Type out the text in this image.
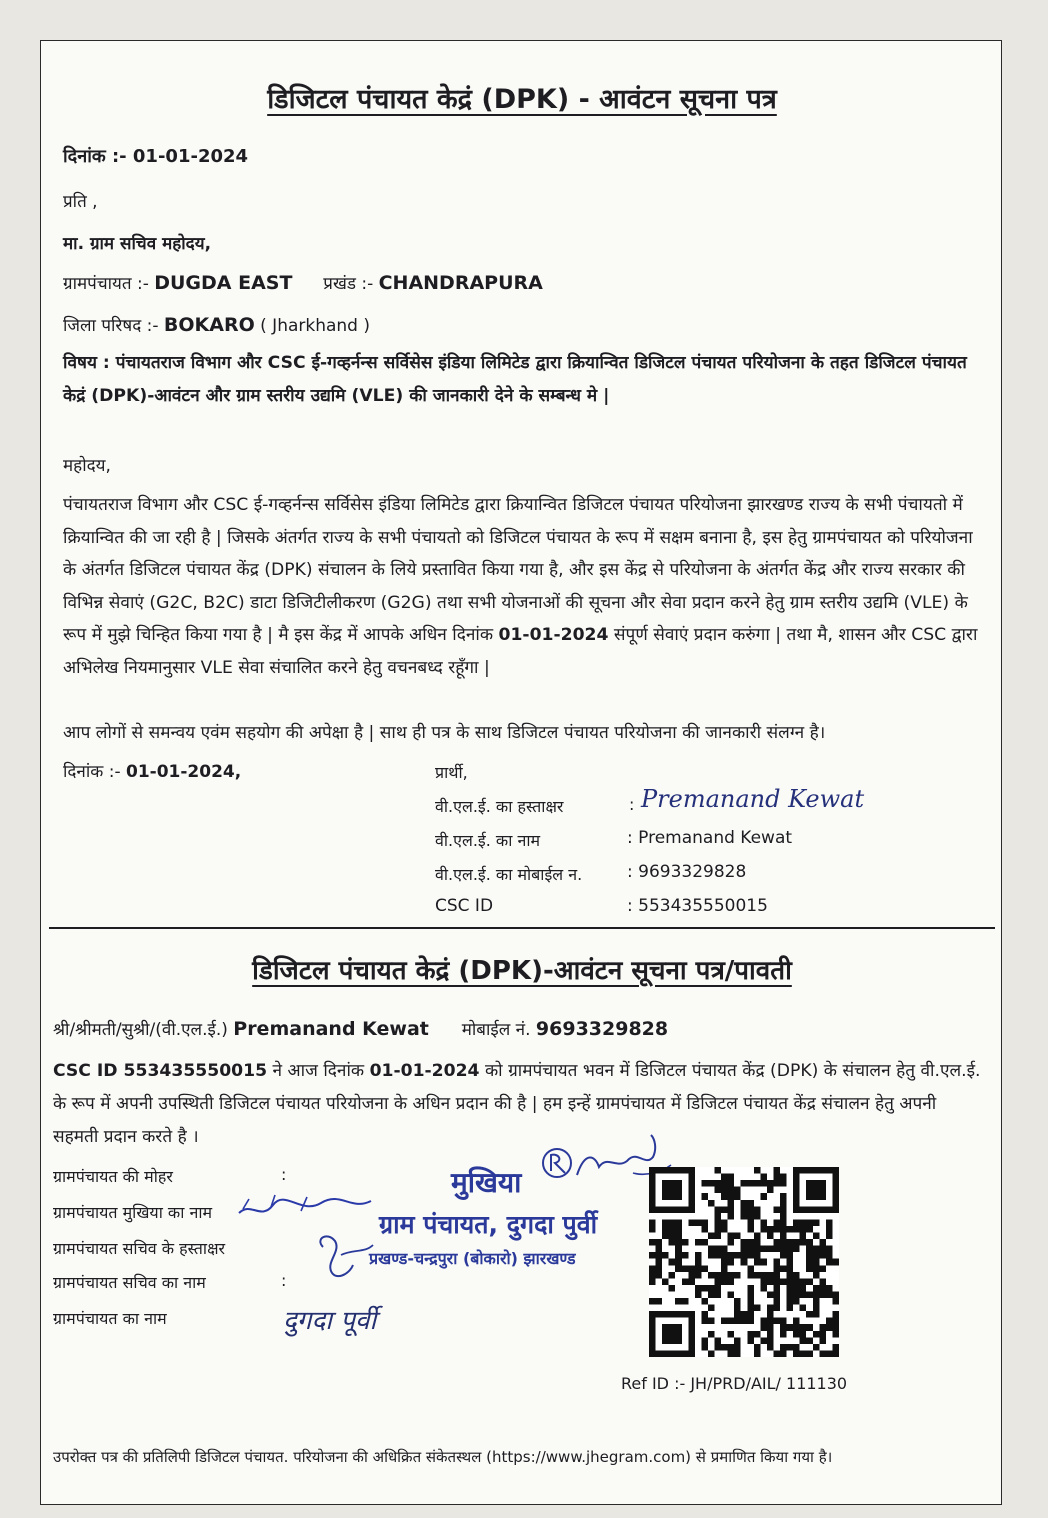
डिजिटल पंचायत केद्रं (DPK) - आवंटन सूचना पत्र
दिनांक :- 01-01-2024
प्रति ,
मा. ग्राम सचिव महोदय,
ग्रामपंचायत :- DUGDA EAST प्रखंड :- CHANDRAPURA
जिला परिषद :- BOKARO ( Jharkhand )
विषय : पंचायतराज विभाग और CSC ई-गव्हर्नन्स सर्विसेस इंडिया लिमिटेड द्वारा क्रियान्वित डिजिटल पंचायत परियोजना के तहत डिजिटल पंचायत केद्रं (DPK)-आवंटन और ग्राम स्तरीय उद्यमि (VLE) की जानकारी देने के सम्बन्ध मे |
महोदय,
पंचायतराज विभाग और CSC ई-गव्हर्नन्स सर्विसेस इंडिया लिमिटेड द्वारा क्रियान्वित डिजिटल पंचायत परियोजना झारखण्ड राज्य के सभी पंचायतो में क्रियान्वित की जा रही है | जिसके अंतर्गत राज्य के सभी पंचायतो को डिजिटल पंचायत के रूप में सक्षम बनाना है, इस हेतु ग्रामपंचायत को परियोजना के अंतर्गत डिजिटल पंचायत केंद्र (DPK) संचालन के लिये प्रस्तावित किया गया है, और इस केंद्र से परियोजना के अंतर्गत केंद्र और राज्य सरकार की विभिन्न सेवाएं (G2C, B2C) डाटा डिजिटीलीकरण (G2G) तथा सभी योजनाओं की सूचना और सेवा प्रदान करने हेतु ग्राम स्तरीय उद्यमि (VLE) के रूप में मुझे चिन्हित किया गया है | मै इस केंद्र में आपके अधिन दिनांक 01-01-2024 संपूर्ण सेवाएं प्रदान करुंगा | तथा मै, शासन और CSC द्वारा अभिलेख नियमानुसार VLE सेवा संचालित करने हेतु वचनबध्द रहूँगा |
आप लोगों से समन्वय एवंम सहयोग की अपेक्षा है | साथ ही पत्र के साथ डिजिटल पंचायत परियोजना की जानकारी संलग्न है।
दिनांक :- 01-01-2024,	प्रार्थी,
वी.एल.ई. का हस्ताक्षर	: Premanand Kewat
वी.एल.ई. का नाम	: Premanand Kewat
वी.एल.ई. का मोबाईल न.	: 9693329828
CSC ID	: 553435550015
डिजिटल पंचायत केद्रं (DPK)-आवंटन सूचना पत्र/पावती
श्री/श्रीमती/सुश्री/(वी.एल.ई.) Premanand Kewat मोबाईल नं. 9693329828
CSC ID 553435550015 ने आज दिनांक 01-01-2024 को ग्रामपंचायत भवन में डिजिटल पंचायत केंद्र (DPK) के संचालन हेतु वी.एल.ई. के रूप में अपनी उपस्थिती डिजिटल पंचायत परियोजना के अधिन प्रदान की है | हम इन्हें ग्रामपंचायत में डिजिटल पंचायत केंद्र संचालन हेतु अपनी सहमती प्रदान करते है ।
ग्रामपंचायत की मोहर	:
ग्रामपंचायत मुखिया का नाम
ग्रामपंचायत सचिव के हस्ताक्षर
ग्रामपंचायत सचिव का नाम	:
ग्रामपंचायत का नाम
मुखिया
ग्राम पंचायत, दुगदा पुर्वी
प्रखण्ड-चन्द्रपुरा (बोकारो) झारखण्ड
दुगदा पूर्वी
Ref ID :- JH/PRD/AIL/ 111130
उपरोक्त पत्र की प्रतिलिपी डिजिटल पंचायत. परियोजना की अधिक्रित संकेतस्थल (https://www.jhegram.com) से प्रमाणित किया गया है।
